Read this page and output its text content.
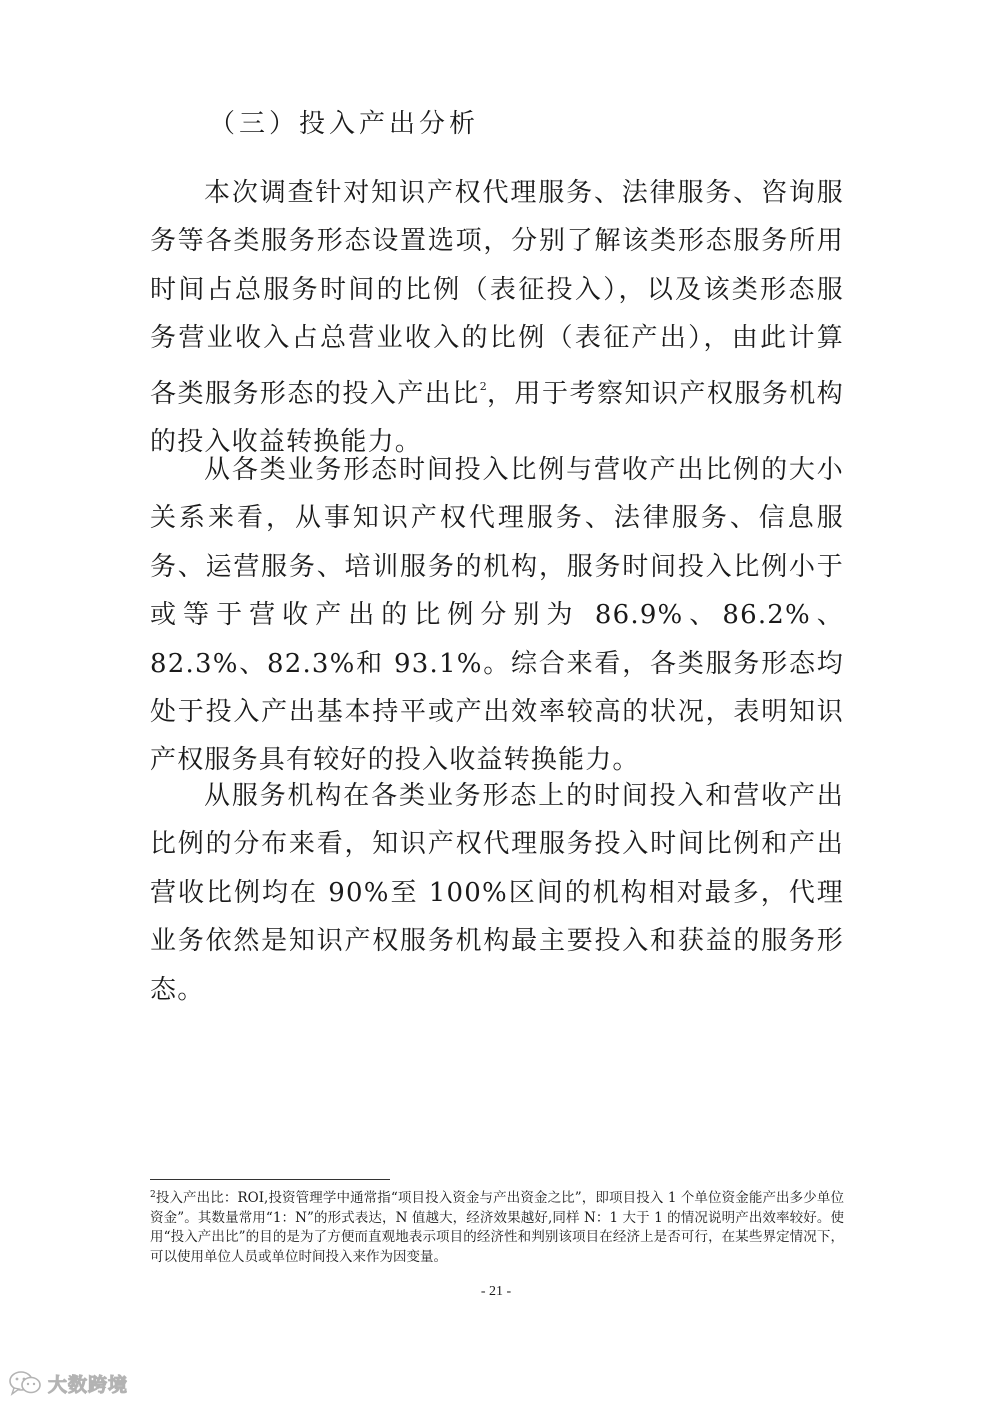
（三）投入产出分析

本次调查针对知识产权代理服务、法律服务、咨询服务等各类服务形态设置选项，分别了解该类形态服务所用时间占总服务时间的比例（表征投入），以及该类形态服务营业收入占总营业收入的比例（表征产出），由此计算各类服务形态的投入产出比$^2$，用于考察知识产权服务机构的投入收益转换能力。

从各类业务形态时间投入比例与营收产出比例的大小关系来看，从事知识产权代理服务、法律服务、信息服务、运营服务、培训服务的机构，服务时间投入比例小于或等于营收产出的比例分别为 86.9%、86.2%、82.3%、82.3%和 93.1%。综合来看，各类服务形态均处于投入产出基本持平或产出效率较高的状况，表明知识产权服务具有较好的投入收益转换能力。

从服务机构在各类业务形态上的时间投入和营收产出比例的分布来看，知识产权代理服务投入时间比例和产出营收比例均在 90%至 100%区间的机构相对最多，代理业务依然是知识产权服务机构最主要投入和获益的服务形态。

$^2$投入产出比：ROI,投资管理学中通常指“项目投入资金与产出资金之比”，即项目投入 1 个单位资金能产出多少单位资金”。其数量常用“1：N”的形式表达，N 值越大，经济效果越好,同样 N：1 大于 1 的情况说明产出效率较好。使用“投入产出比”的目的是为了方便而直观地表示项目的经济性和判别该项目在经济上是否可行，在某些界定情况下，可以使用单位人员或单位时间投入来作为因变量。

- 21 -
大数跨境
